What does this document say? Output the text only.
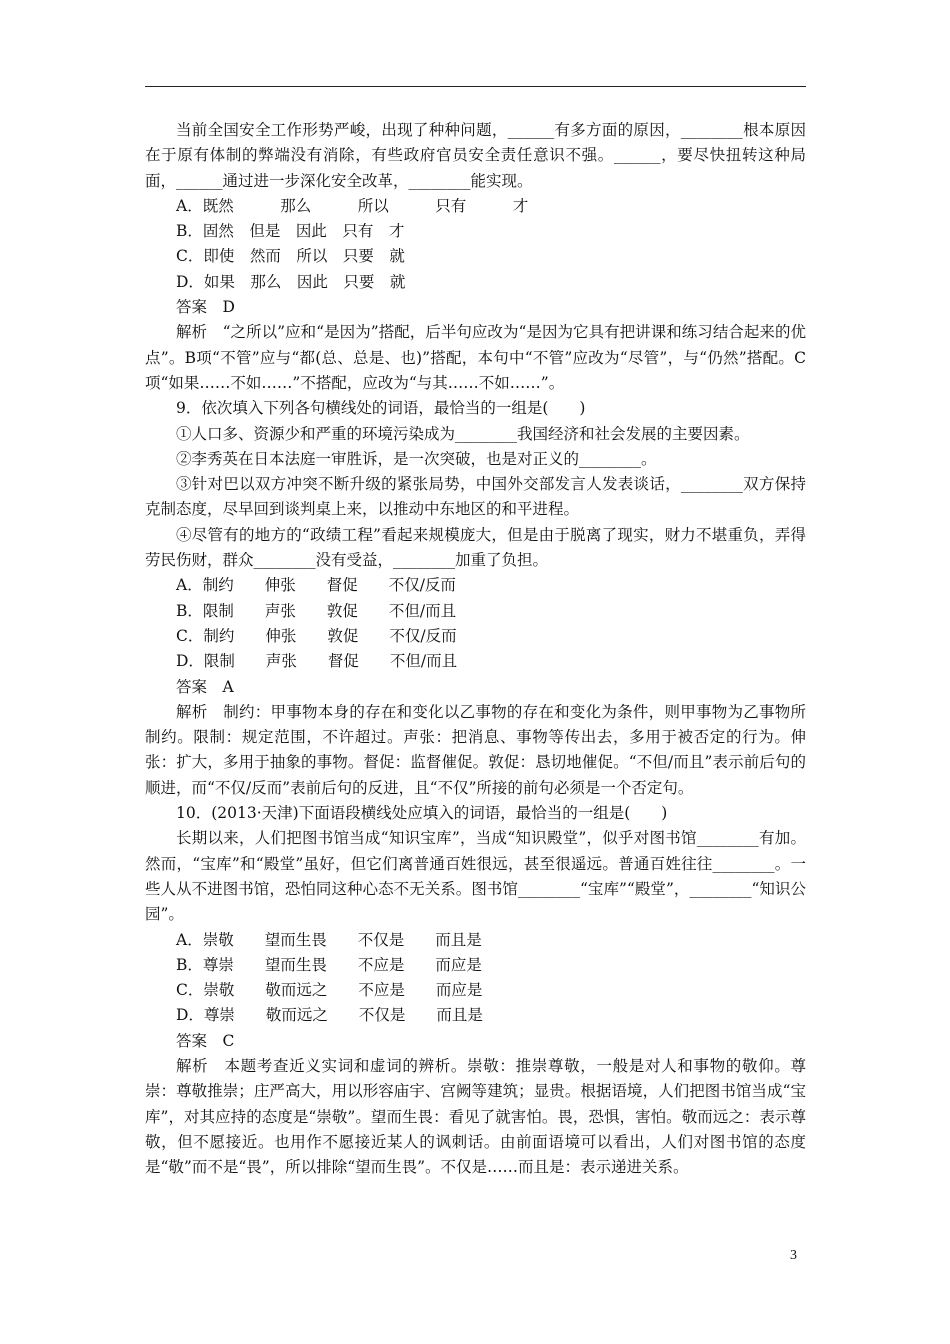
当前全国安全工作形势严峻，出现了种种问题，______有多方面的原因，________根本原因在于原有体制的弊端没有消除，有些政府官员安全责任意识不强。______，要尽快扭转这种局面，______通过进一步深化安全改革，________能实现。

A．既然　　　那么　　　所以　　　只有　　　才

B．固然　但是　因此　只有　才

C．即使　然而　所以　只要　就

D．如果　那么　因此　只要　就

答案　D

解析　“之所以”应和“是因为”搭配，后半句应改为“是因为它具有把讲课和练习结合起来的优点”。B项“不管”应与“都(总、总是、也)”搭配，本句中“不管”应改为“尽管”，与“仍然”搭配。C项“如果……不如……”不搭配，应改为“与其……不如……”。

9．依次填入下列各句横线处的词语，最恰当的一组是(　　)

①人口多、资源少和严重的环境污染成为________我国经济和社会发展的主要因素。

②李秀英在日本法庭一审胜诉，是一次突破，也是对正义的________。

③针对巴以双方冲突不断升级的紧张局势，中国外交部发言人发表谈话，________双方保持克制态度，尽早回到谈判桌上来，以推动中东地区的和平进程。

④尽管有的地方的“政绩工程”看起来规模庞大，但是由于脱离了现实，财力不堪重负，弄得劳民伤财，群众________没有受益，________加重了负担。

A．制约　　伸张　　督促　　不仅/反而

B．限制　　声张　　敦促　　不但/而且

C．制约　　伸张　　敦促　　不仅/反而

D．限制　　声张　　督促　　不但/而且

答案　A

解析　制约：甲事物本身的存在和变化以乙事物的存在和变化为条件，则甲事物为乙事物所制约。限制：规定范围，不许超过。声张：把消息、事物等传出去，多用于被否定的行为。伸张：扩大，多用于抽象的事物。督促：监督催促。敦促：恳切地催促。“不但/而且”表示前后句的顺进，而“不仅/反而”表前后句的反进，且“不仅”所接的前句必须是一个否定句。

10．(2013·天津)下面语段横线处应填入的词语，最恰当的一组是(　　)

长期以来，人们把图书馆当成“知识宝库”，当成“知识殿堂”，似乎对图书馆________有加。然而，“宝库”和“殿堂”虽好，但它们离普通百姓很远，甚至很遥远。普通百姓往往________。一些人从不进图书馆，恐怕同这种心态不无关系。图书馆________“宝库”“殿堂”，________“知识公园”。

A．崇敬　　望而生畏　　不仅是　　而且是

B．尊崇　　望而生畏　　不应是　　而应是

C．崇敬　　敬而远之　　不应是　　而应是

D．尊崇　　敬而远之　　不仅是　　而且是

答案　C

解析　本题考查近义实词和虚词的辨析。崇敬：推崇尊敬，一般是对人和事物的敬仰。尊崇：尊敬推崇；庄严高大，用以形容庙宇、宫阙等建筑；显贵。根据语境，人们把图书馆当成“宝库”，对其应持的态度是“崇敬”。望而生畏：看见了就害怕。畏，恐惧，害怕。敬而远之：表示尊敬，但不愿接近。也用作不愿接近某人的讽刺话。由前面语境可以看出，人们对图书馆的态度是“敬”而不是“畏”，所以排除“望而生畏”。不仅是……而且是：表示递进关系。

3
